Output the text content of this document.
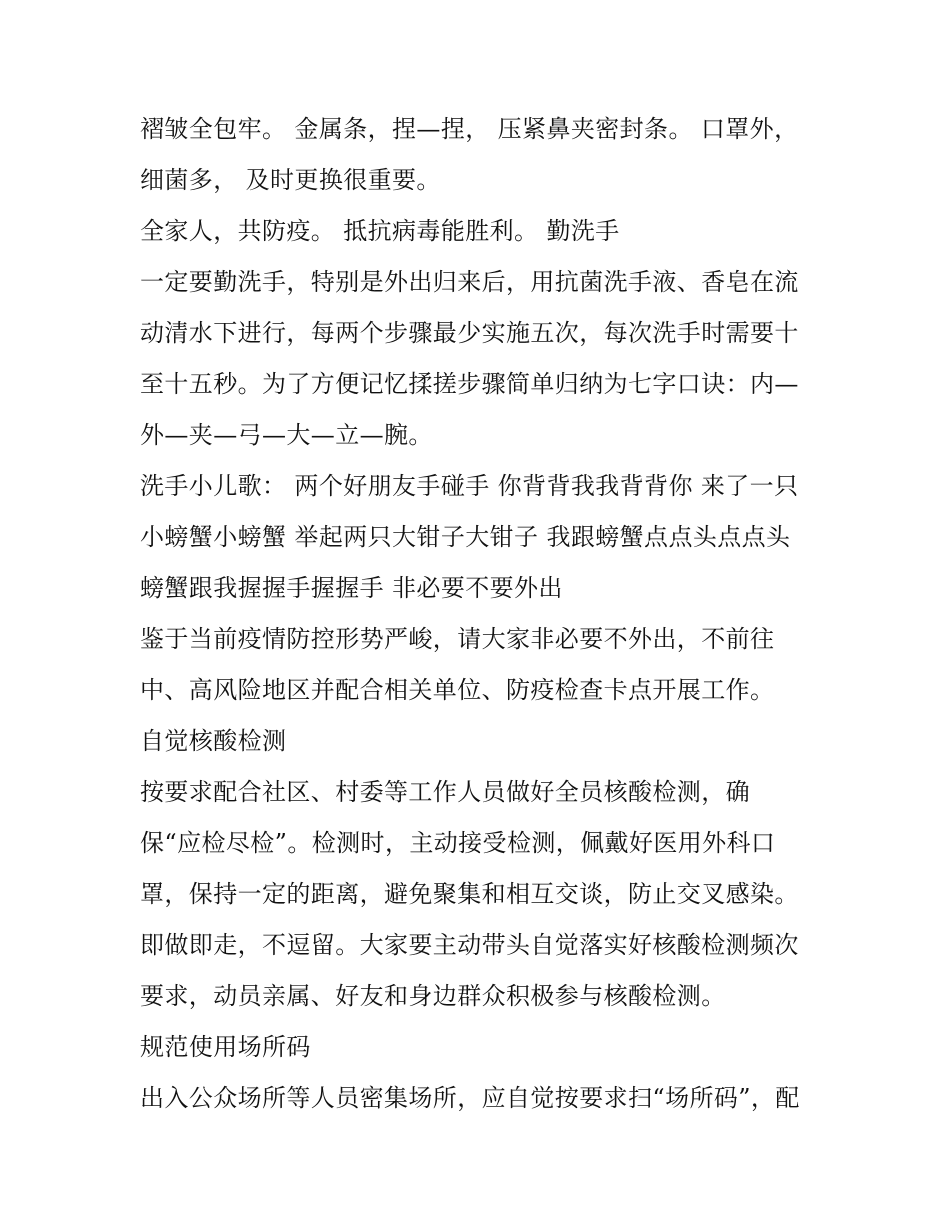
褶皱全包牢。 金属条，捏—捏， 压紧鼻夹密封条。 口罩外，
细菌多， 及时更换很重要。
全家人，共防疫。 抵抗病毒能胜利。 勤洗手
一定要勤洗手，特别是外出归来后，用抗菌洗手液、香皂在流
动清水下进行，每两个步骤最少实施五次，每次洗手时需要十
至十五秒。为了方便记忆揉搓步骤简单归纳为七字口诀：内—
外—夹—弓—大—立—腕。
洗手小儿歌： 两个好朋友手碰手 你背背我我背背你 来了一只
小螃蟹小螃蟹 举起两只大钳子大钳子 我跟螃蟹点点头点点头
螃蟹跟我握握手握握手 非必要不要外出
鉴于当前疫情防控形势严峻，请大家非必要不外出，不前往
中、高风险地区并配合相关单位、防疫检查卡点开展工作。
自觉核酸检测
按要求配合社区、村委等工作人员做好全员核酸检测，确
保“应检尽检”。检测时，主动接受检测，佩戴好医用外科口
罩，保持一定的距离，避免聚集和相互交谈，防止交叉感染。
即做即走，不逗留。大家要主动带头自觉落实好核酸检测频次
要求，动员亲属、好友和身边群众积极参与核酸检测。
规范使用场所码
出入公众场所等人员密集场所，应自觉按要求扫“场所码”，配
